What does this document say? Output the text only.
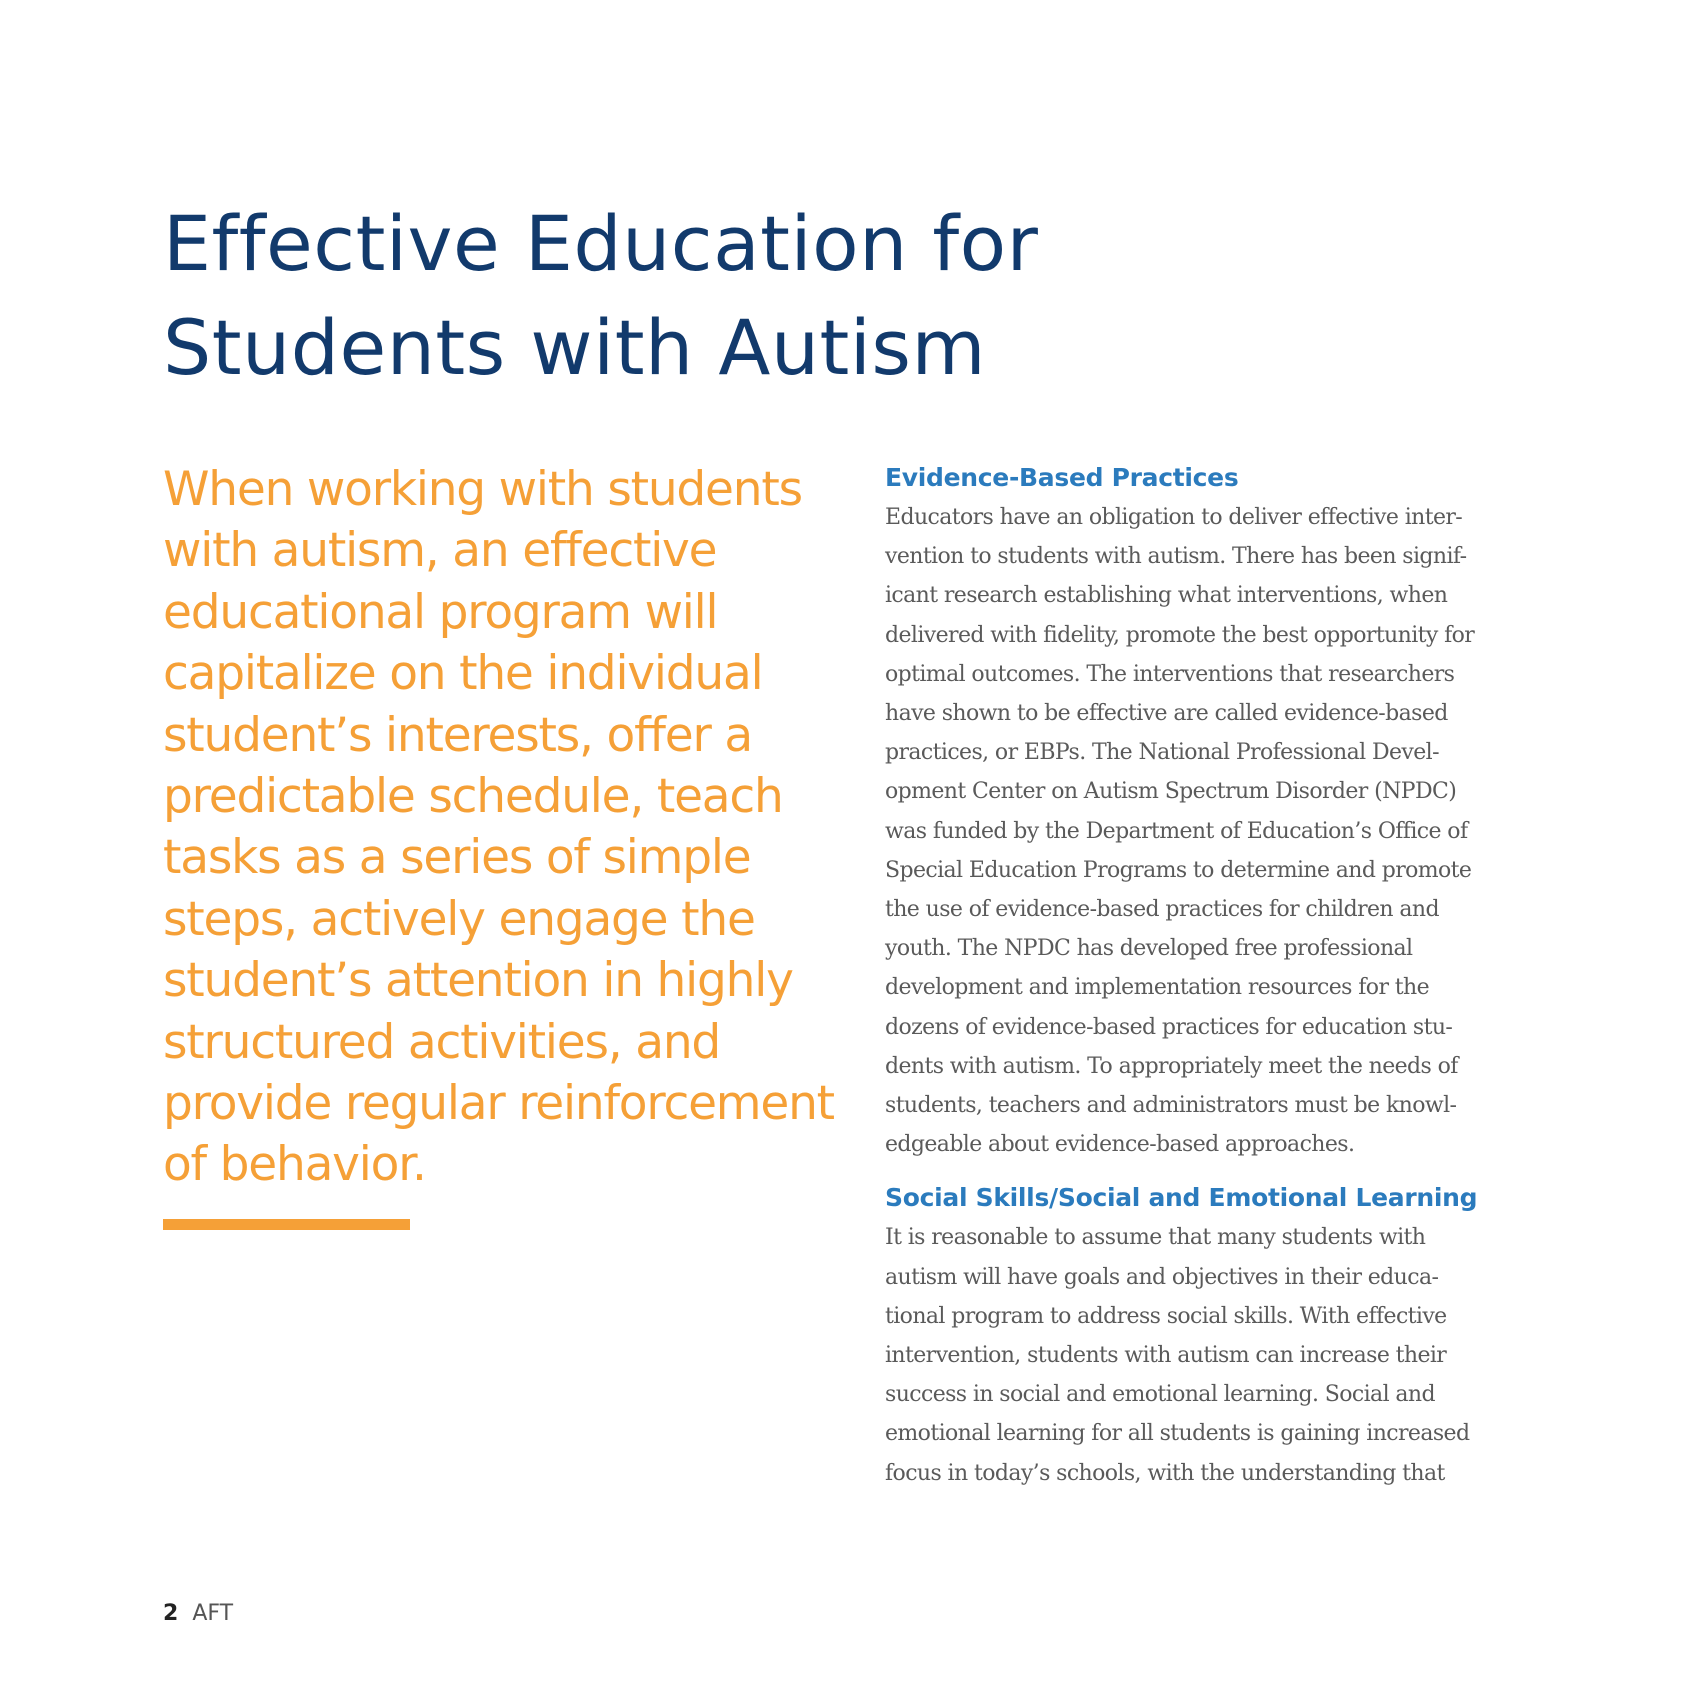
Effective Education for
Students with Autism

When working with students
with autism, an effective
educational program will
capitalize on the individual
student’s interests, offer a
predictable schedule, teach
tasks as a series of simple
steps, actively engage the
student’s attention in highly
structured activities, and
provide regular reinforcement
of behavior.

Evidence-Based Practices

Educators have an obligation to deliver effective inter-
vention to students with autism. There has been signif-
icant research establishing what interventions, when
delivered with fidelity, promote the best opportunity for
optimal outcomes. The interventions that researchers
have shown to be effective are called evidence-based
practices, or EBPs. The National Professional Devel-
opment Center on Autism Spectrum Disorder (NPDC)
was funded by the Department of Education’s Office of
Special Education Programs to determine and promote
the use of evidence-based practices for children and
youth. The NPDC has developed free professional
development and implementation resources for the
dozens of evidence-based practices for education stu-
dents with autism. To appropriately meet the needs of
students, teachers and administrators must be knowl-
edgeable about evidence-based approaches.

Social Skills/Social and Emotional Learning

It is reasonable to assume that many students with
autism will have goals and objectives in their educa-
tional program to address social skills. With effective
intervention, students with autism can increase their
success in social and emotional learning. Social and
emotional learning for all students is gaining increased
focus in today’s schools, with the understanding that

2 AFT
